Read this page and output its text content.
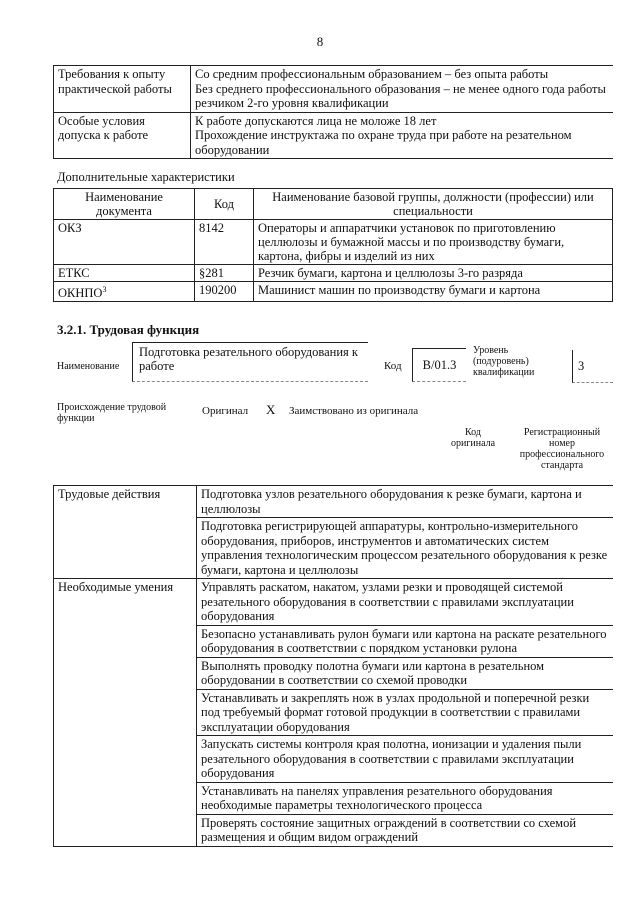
8
Требования к опыту практической работы	Со средним профессиональным образованием – без опыта работы
Без среднего профессионального образования – не менее одного года работы резчиком 2-го уровня квалификации

Особые условия допуска к работе	К работе допускаются лица не моложе 18 лет
Прохождение инструктажа по охране труда при работе на резательном оборудовании
Дополнительные характеристики
Наименование документа	Код	Наименование базовой группы, должности (профессии) или специальности
ОКЗ	8142	Операторы и аппаратчики установок по приготовлению целлюлозы и бумажной массы и по производству бумаги, картона, фибры и изделий из них
ЕТКС	§281	Резчик бумаги, картона и целлюлозы 3-го разряда
ОКНПО$^3$	190200	Машинист машин по производству бумаги и картона
3.2.1. Трудовая функция
Наименование
Подготовка резательного оборудования к работе	Код	В/01.3
Уровень (подуровень) квалификации	3
Происхождение трудовой функции
Оригинал X Заимствовано из оригинала
Код оригинала
Регистрационный номер профессионального стандарта
Трудовые действия	Подготовка узлов резательного оборудования к резке бумаги, картона и целлюлозы
	Подготовка регистрирующей аппаратуры, контрольно-измерительного оборудования, приборов, инструментов и автоматических систем управления технологическим процессом резательного оборудования к резке бумаги, картона и целлюлозы
Необходимые умения	Управлять раскатом, накатом, узлами резки и проводящей системой резательного оборудования в соответствии с правилами эксплуатации оборудования
	Безопасно устанавливать рулон бумаги или картона на раскате резательного оборудования в соответствии с порядком установки рулона
	Выполнять проводку полотна бумаги или картона в резательном оборудовании в соответствии со схемой проводки
	Устанавливать и закреплять нож в узлах продольной и поперечной резки под требуемый формат готовой продукции в соответствии с правилами эксплуатации оборудования
	Запускать системы контроля края полотна, ионизации и удаления пыли резательного оборудования в соответствии с правилами эксплуатации оборудования
	Устанавливать на панелях управления резательного оборудования необходимые параметры технологического процесса
	Проверять состояние защитных ограждений в соответствии со схемой размещения и общим видом ограждений
